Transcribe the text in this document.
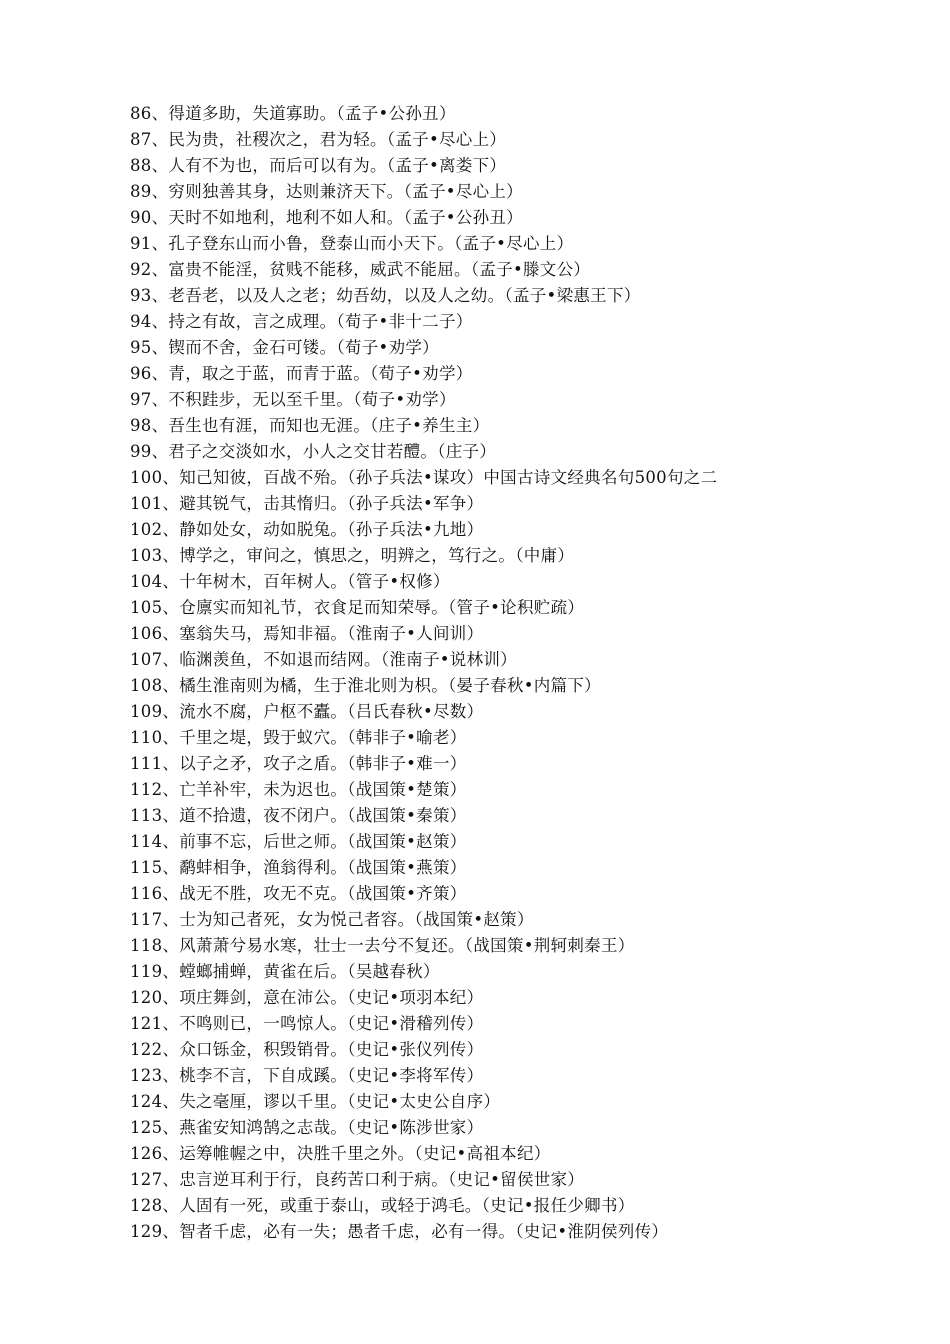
86、得道多助，失道寡助。（孟子•公孙丑）
87、民为贵，社稷次之，君为轻。（孟子•尽心上）
88、人有不为也，而后可以有为。（孟子•离娄下）
89、穷则独善其身，达则兼济天下。（孟子•尽心上）
90、天时不如地利，地利不如人和。（孟子•公孙丑）
91、孔子登东山而小鲁，登泰山而小天下。（孟子•尽心上）
92、富贵不能淫，贫贱不能移，威武不能屈。（孟子•滕文公）
93、老吾老，以及人之老；幼吾幼，以及人之幼。（孟子•梁惠王下）
94、持之有故，言之成理。（荀子•非十二子）
95、锲而不舍，金石可镂。（荀子•劝学）
96、青，取之于蓝，而青于蓝。（荀子•劝学）
97、不积跬步，无以至千里。（荀子•劝学）
98、吾生也有涯，而知也无涯。（庄子•养生主）
99、君子之交淡如水，小人之交甘若醴。（庄子）
100、知己知彼，百战不殆。（孙子兵法•谋攻）中国古诗文经典名句500句之二
101、避其锐气，击其惰归。（孙子兵法•军争）
102、静如处女，动如脱兔。（孙子兵法•九地）
103、博学之，审问之，慎思之，明辨之，笃行之。（中庸）
104、十年树木，百年树人。（管子•权修）
105、仓廪实而知礼节，衣食足而知荣辱。（管子•论积贮疏）
106、塞翁失马，焉知非福。（淮南子•人间训）
107、临渊羡鱼，不如退而结网。（淮南子•说林训）
108、橘生淮南则为橘，生于淮北则为枳。（晏子春秋•内篇下）
109、流水不腐，户枢不蠹。（吕氏春秋•尽数）
110、千里之堤，毁于蚁穴。（韩非子•喻老）
111、以子之矛，攻子之盾。（韩非子•难一）
112、亡羊补牢，未为迟也。（战国策•楚策）
113、道不拾遗，夜不闭户。（战国策•秦策）
114、前事不忘，后世之师。（战国策•赵策）
115、鹬蚌相争，渔翁得利。（战国策•燕策）
116、战无不胜，攻无不克。（战国策•齐策）
117、士为知己者死，女为悦己者容。（战国策•赵策）
118、风萧萧兮易水寒，壮士一去兮不复还。（战国策•荆轲刺秦王）
119、螳螂捕蝉，黄雀在后。（吴越春秋）
120、项庄舞剑，意在沛公。（史记•项羽本纪）
121、不鸣则已，一鸣惊人。（史记•滑稽列传）
122、众口铄金，积毁销骨。（史记•张仪列传）
123、桃李不言，下自成蹊。（史记•李将军传）
124、失之毫厘，谬以千里。（史记•太史公自序）
125、燕雀安知鸿鹄之志哉。（史记•陈涉世家）
126、运筹帷幄之中，决胜千里之外。（史记•高祖本纪）
127、忠言逆耳利于行，良药苦口利于病。（史记•留侯世家）
128、人固有一死，或重于泰山，或轻于鸿毛。（史记•报任少卿书）
129、智者千虑，必有一失；愚者千虑，必有一得。（史记•淮阴侯列传）
